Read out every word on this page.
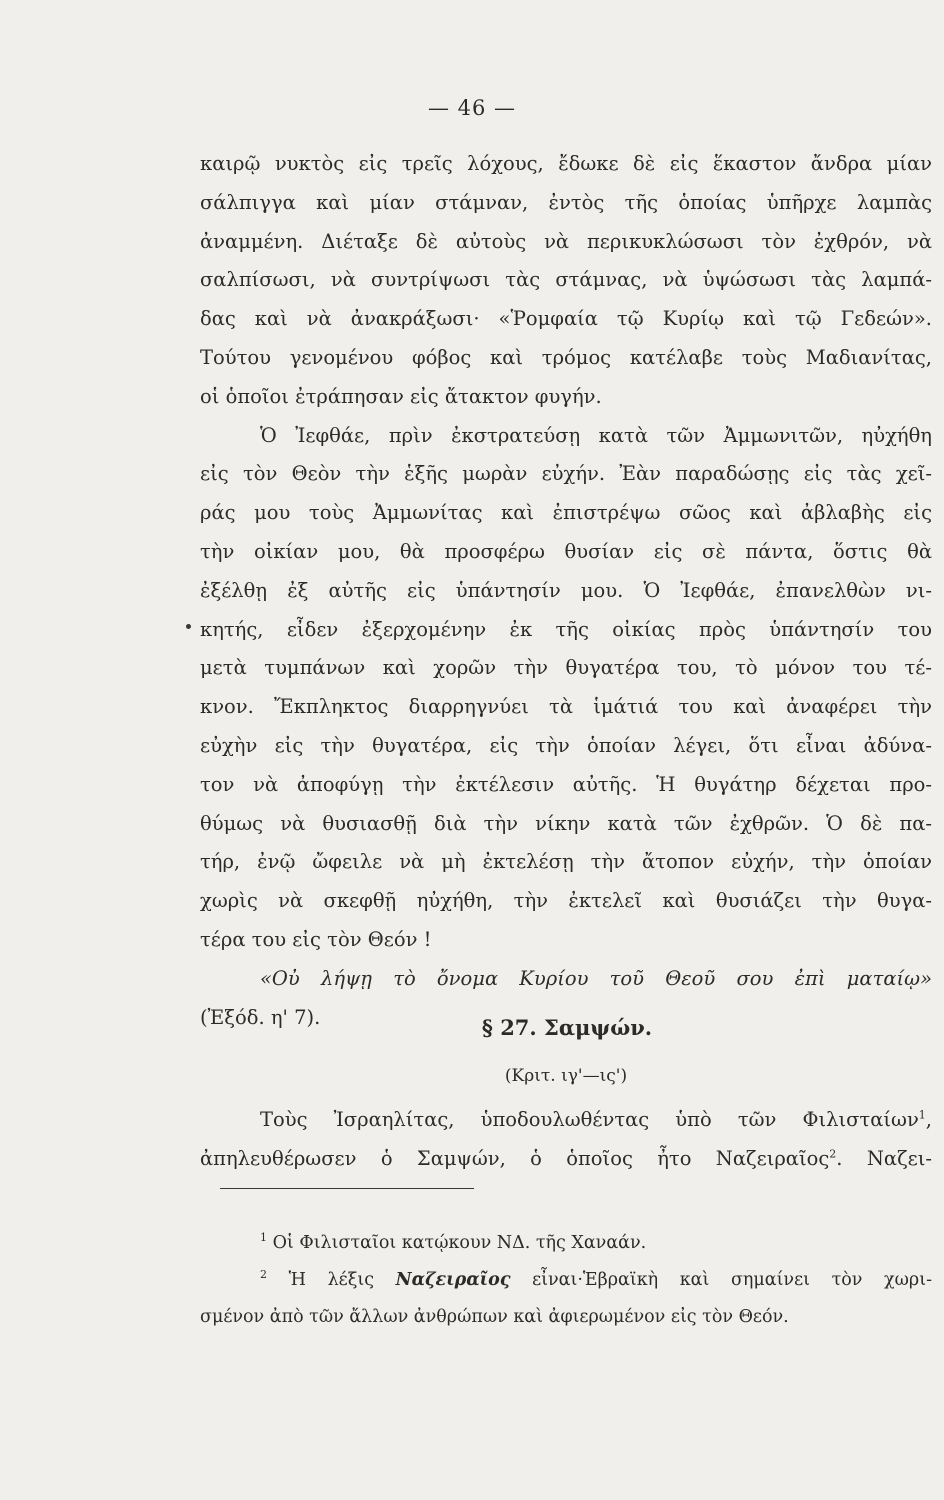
— 46 —
καιρῷ νυκτὸς εἰς τρεῖς λόχους, ἔδωκε δὲ εἰς ἕκαστον ἄνδρα μίαν
σάλπιγγα καὶ μίαν στάμναν, ἐντὸς τῆς ὁποίας ὑπῆρχε λαμπὰς
ἀναμμένη. Διέταξε δὲ αὐτοὺς νὰ περικυκλώσωσι τὸν ἐχθρόν, νὰ
σαλπίσωσι, νὰ συντρίψωσι τὰς στάμνας, νὰ ὑψώσωσι τὰς λαμπά-
δας καὶ νὰ ἀνακράξωσι· «Ῥομφαία τῷ Κυρίῳ καὶ τῷ Γεδεών».
Τούτου γενομένου φόβος καὶ τρόμος κατέλαβε τοὺς Μαδιανίτας,
οἱ ὁποῖοι ἐτράπησαν εἰς ἄτακτον φυγήν.
Ὁ Ἰεφθάε, πρὶν ἐκστρατεύσῃ κατὰ τῶν Ἀμμωνιτῶν, ηὐχήθη
εἰς τὸν Θεὸν τὴν ἑξῆς μωρὰν εὐχήν. Ἐὰν παραδώσῃς εἰς τὰς χεῖ-
ράς μου τοὺς Ἀμμωνίτας καὶ ἐπιστρέψω σῶος καὶ ἀβλαβὴς εἰς
τὴν οἰκίαν μου, θὰ προσφέρω θυσίαν εἰς σὲ πάντα, ὅστις θὰ
ἐξέλθῃ ἐξ αὐτῆς εἰς ὑπάντησίν μου. Ὁ Ἰεφθάε, ἐπανελθὼν νι-
κητής, εἶδεν ἐξερχομένην ἐκ τῆς οἰκίας πρὸς ὑπάντησίν του
μετὰ τυμπάνων καὶ χορῶν τὴν θυγατέρα του, τὸ μόνον του τέ-
κνον. Ἔκπληκτος διαρρηγνύει τὰ ἱμάτιά του καὶ ἀναφέρει τὴν
εὐχὴν εἰς τὴν θυγατέρα, εἰς τὴν ὁποίαν λέγει, ὅτι εἶναι ἀδύνα-
τον νὰ ἀποφύγῃ τὴν ἐκτέλεσιν αὐτῆς. Ἡ θυγάτηρ δέχεται προ-
θύμως νὰ θυσιασθῇ διὰ τὴν νίκην κατὰ τῶν ἐχθρῶν. Ὁ δὲ πα-
τήρ, ἐνῷ ὤφειλε νὰ μὴ ἐκτελέσῃ τὴν ἄτοπον εὐχήν, τὴν ὁποίαν
χωρὶς νὰ σκεφθῇ ηὐχήθη, τὴν ἐκτελεῖ καὶ θυσιάζει τὴν θυγα-
τέρα του εἰς τὸν Θεόν !
«Οὐ λήψῃ τὸ ὄνομα Κυρίου τοῦ Θεοῦ σου ἐπὶ ματαίῳ»
(Ἐξόδ. η' 7).	§ 27. Σαμψών.
(Κριτ. ιγ'—ις')
Τοὺς Ἰσραηλίτας, ὑποδουλωθέντας ὑπὸ τῶν Φιλισταίων$^1$,
ἀπηλευθέρωσεν ὁ Σαμψών, ὁ ὁποῖος ἦτο Ναζειραῖος$^2$. Ναζει-
$^1$ Οἱ Φιλισταῖοι κατῴκουν ΝΔ. τῆς Χαναάν.
$^2$ Ἡ λέξις Ναζειραῖος εἶναι·Ἑβραϊκὴ καὶ σημαίνει τὸν χωρι-
σμένον ἀπὸ τῶν ἄλλων ἀνθρώπων καὶ ἀφιερωμένον εἰς τὸν Θεόν.
